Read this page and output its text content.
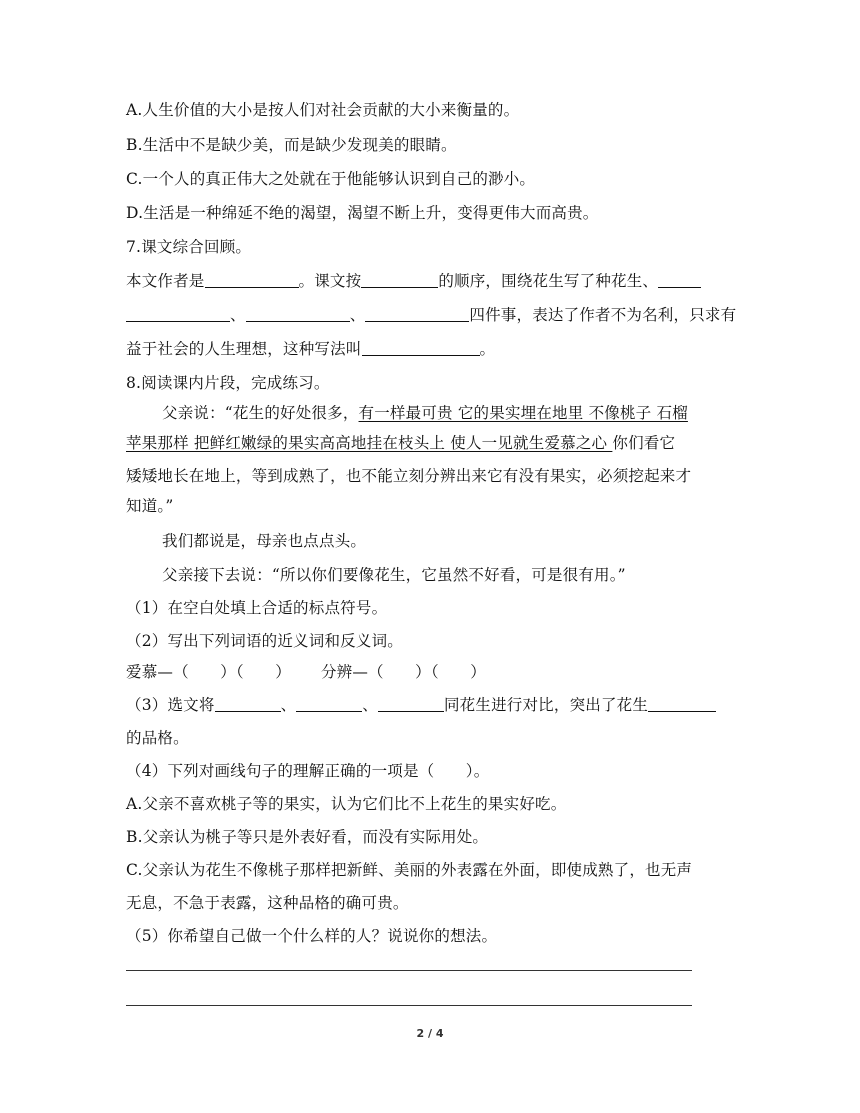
A.人生价值的大小是按人们对社会贡献的大小来衡量的。
B.生活中不是缺少美，而是缺少发现美的眼睛。
C.一个人的真正伟大之处就在于他能够认识到自己的渺小。
D.生活是一种绵延不绝的渴望，渴望不断上升，变得更伟大而高贵。
7.课文综合回顾。
本文作者是	。课文按	的顺序，围绕花生写了种花生、
、	、	四件事，表达了作者不为名利，只求有
益于社会的人生理想，这种写法叫	。
8.阅读课内片段，完成练习。
父亲说：“花生的好处很多，有一样最可贵 它的果实埋在地里 不像桃子 石榴
苹果那样 把鲜红嫩绿的果实高高地挂在枝头上 使人一见就生爱慕之心 你们看它
矮矮地长在地上，等到成熟了，也不能立刻分辨出来它有没有果实，必须挖起来才
知道。”
我们都说是，母亲也点点头。
父亲接下去说：“所以你们要像花生，它虽然不好看，可是很有用。”
（1）在空白处填上合适的标点符号。
（2）写出下列词语的近义词和反义词。
爱慕—（　　）（　　） 分辨—（　　）（　　）
（3）选文将	、	、	同花生进行对比，突出了花生
的品格。
（4）下列对画线句子的理解正确的一项是（　　）。
A.父亲不喜欢桃子等的果实，认为它们比不上花生的果实好吃。
B.父亲认为桃子等只是外表好看，而没有实际用处。
C.父亲认为花生不像桃子那样把新鲜、美丽的外表露在外面，即使成熟了，也无声
无息，不急于表露，这种品格的确可贵。
（5）你希望自己做一个什么样的人？说说你的想法。
2 / 4
